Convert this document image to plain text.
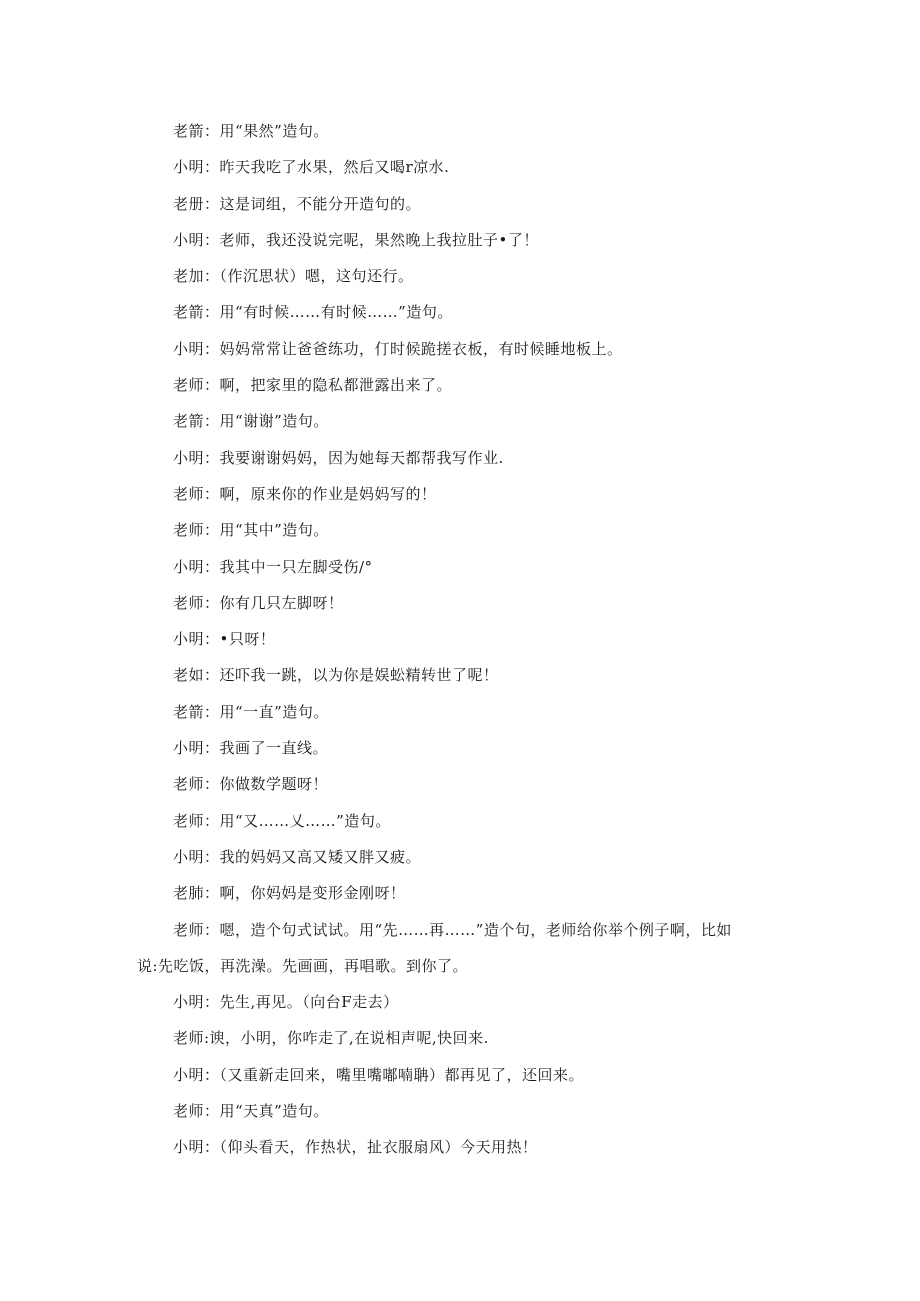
老箭：用“果然”造句。

小明：昨天我吃了水果，然后又喝r凉水.

老册：这是词组，不能分开造句的。

小明：老师，我还没说完呢，果然晚上我拉肚子•了！

老加：（作沉思状）嗯，这句还行。

老箭：用“有时候……有时候……”造句。

小明：妈妈常常让爸爸练功，仃时候跪搓衣板，有时候睡地板上。

老师：啊，把家里的隐私都泄露出来了。

老箭：用“谢谢”造句。

小明：我要谢谢妈妈，因为她每天都帮我写作业.

老师：啊，原来你的作业是妈妈写的！

老师：用“其中”造句。

小明：我其中一只左脚受伤/°

老师：你有几只左脚呀！

小明：•只呀！

老如：还吓我一跳，以为你是娱蚣精转世了呢！

老箭：用“一直”造句。

小明：我画了一直线。

老师：你做数学题呀！

老师：用“又……乂……”造句。

小明：我的妈妈又高又矮又胖又疲。

老肺：啊，你妈妈是变形金刚呀！

老师：嗯，造个句式试试。用“先……再……”造个句，老师给你举个例子啊，比如说:先吃饭，再洗澡。先画画，再唱歌。到你了。

小明：先生,再见。（向台F走去）

老师:谀，小明，你咋走了,在说相声呢,快回来.

小明：（又重新走回来，嘴里嘴嘟喃聃）都再见了，还回来。

老师：用“天真”造句。

小明：（仰头看天，作热状，扯衣服扇风）今天用热！
